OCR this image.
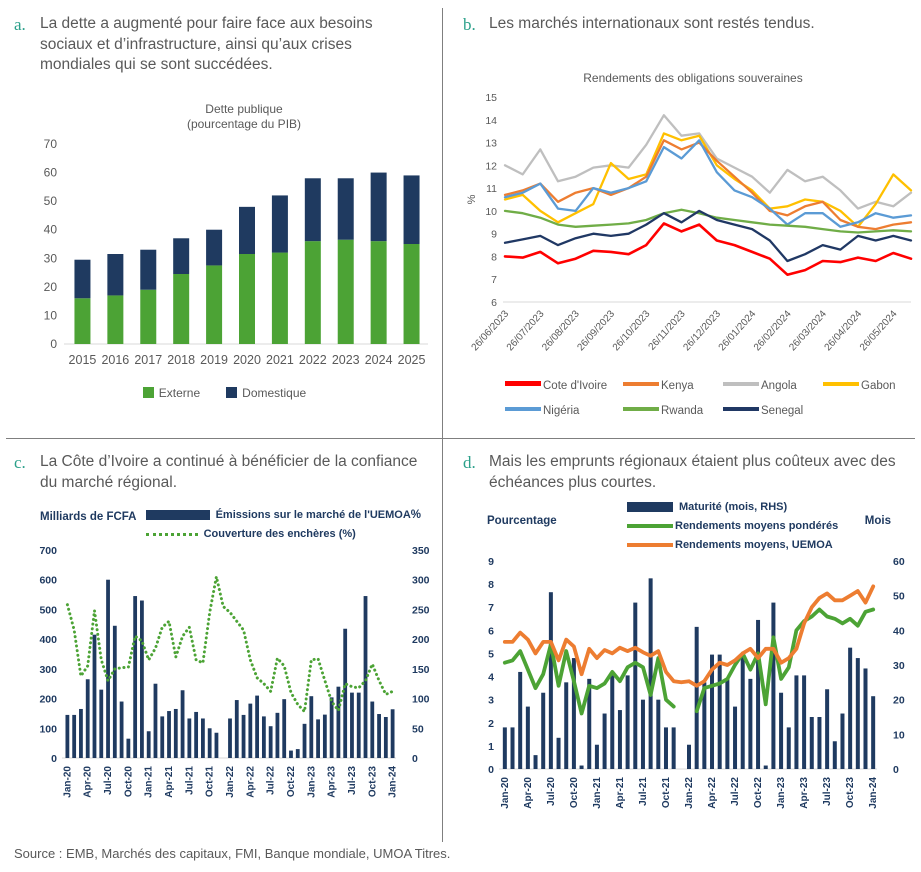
a. La dette a augmenté pour faire face aux besoins sociaux et d’infrastructure, ainsi qu’aux crises mondiales qui se sont succédées.
Dette publique
(pourcentage du PIB)
0
10
20
30
40
50
60
70
2015 2016 2017 2018 2019 2020 2021 2022 2023 2024 2025
Externe	Domestique
b. Les marchés internationaux sont restés tendus.
Rendements des obligations souveraines
6
7
8
9
10
11
12
13
14
15
%
26/06/2023
26/07/2023
26/08/2023
26/09/2023
26/10/2023
26/11/2023
26/12/2023
26/01/2024
26/02/2024
26/03/2024
26/04/2024
26/05/2024
Cote d'Ivoire	Kenya	Angola	Gabon
Nigéria	Rwanda	Senegal
c. La Côte d’Ivoire a continué à bénéficier de la confiance du marché régional.
Milliards de FCFA	Émissions sur le marché de l'UEMOA
Couverture des enchères (%)
%
0
100
200
300
400
500
600
700
0
50
100
150
200
250
300
350
Jan-20 Apr-20 Jul-20 Oct-20 Jan-21 Apr-21 Jul-21 Oct-21 Jan-22 Apr-22 Jul-22 Oct-22 Jan-23 Apr-23 Jul-23 Oct-23 Jan-24
d. Mais les emprunts régionaux étaient plus coûteux avec des échéances plus courtes.
Pourcentage
Maturité (mois, RHS)
Rendements moyens pondérés
Rendements moyens, UEMOA
Mois
0
1
2
3
4
5
6
7
8
9
0
10
20
30
40
50
60
Jan-20 Apr-20 Jul-20 Oct-20 Jan-21 Apr-21 Jul-21 Oct-21 Jan-22 Apr-22 Jul-22 Oct-22 Jan-23 Apr-23 Jul-23 Oct-23 Jan-24
Source : EMB, Marchés des capitaux, FMI, Banque mondiale, UMOA Titres.
